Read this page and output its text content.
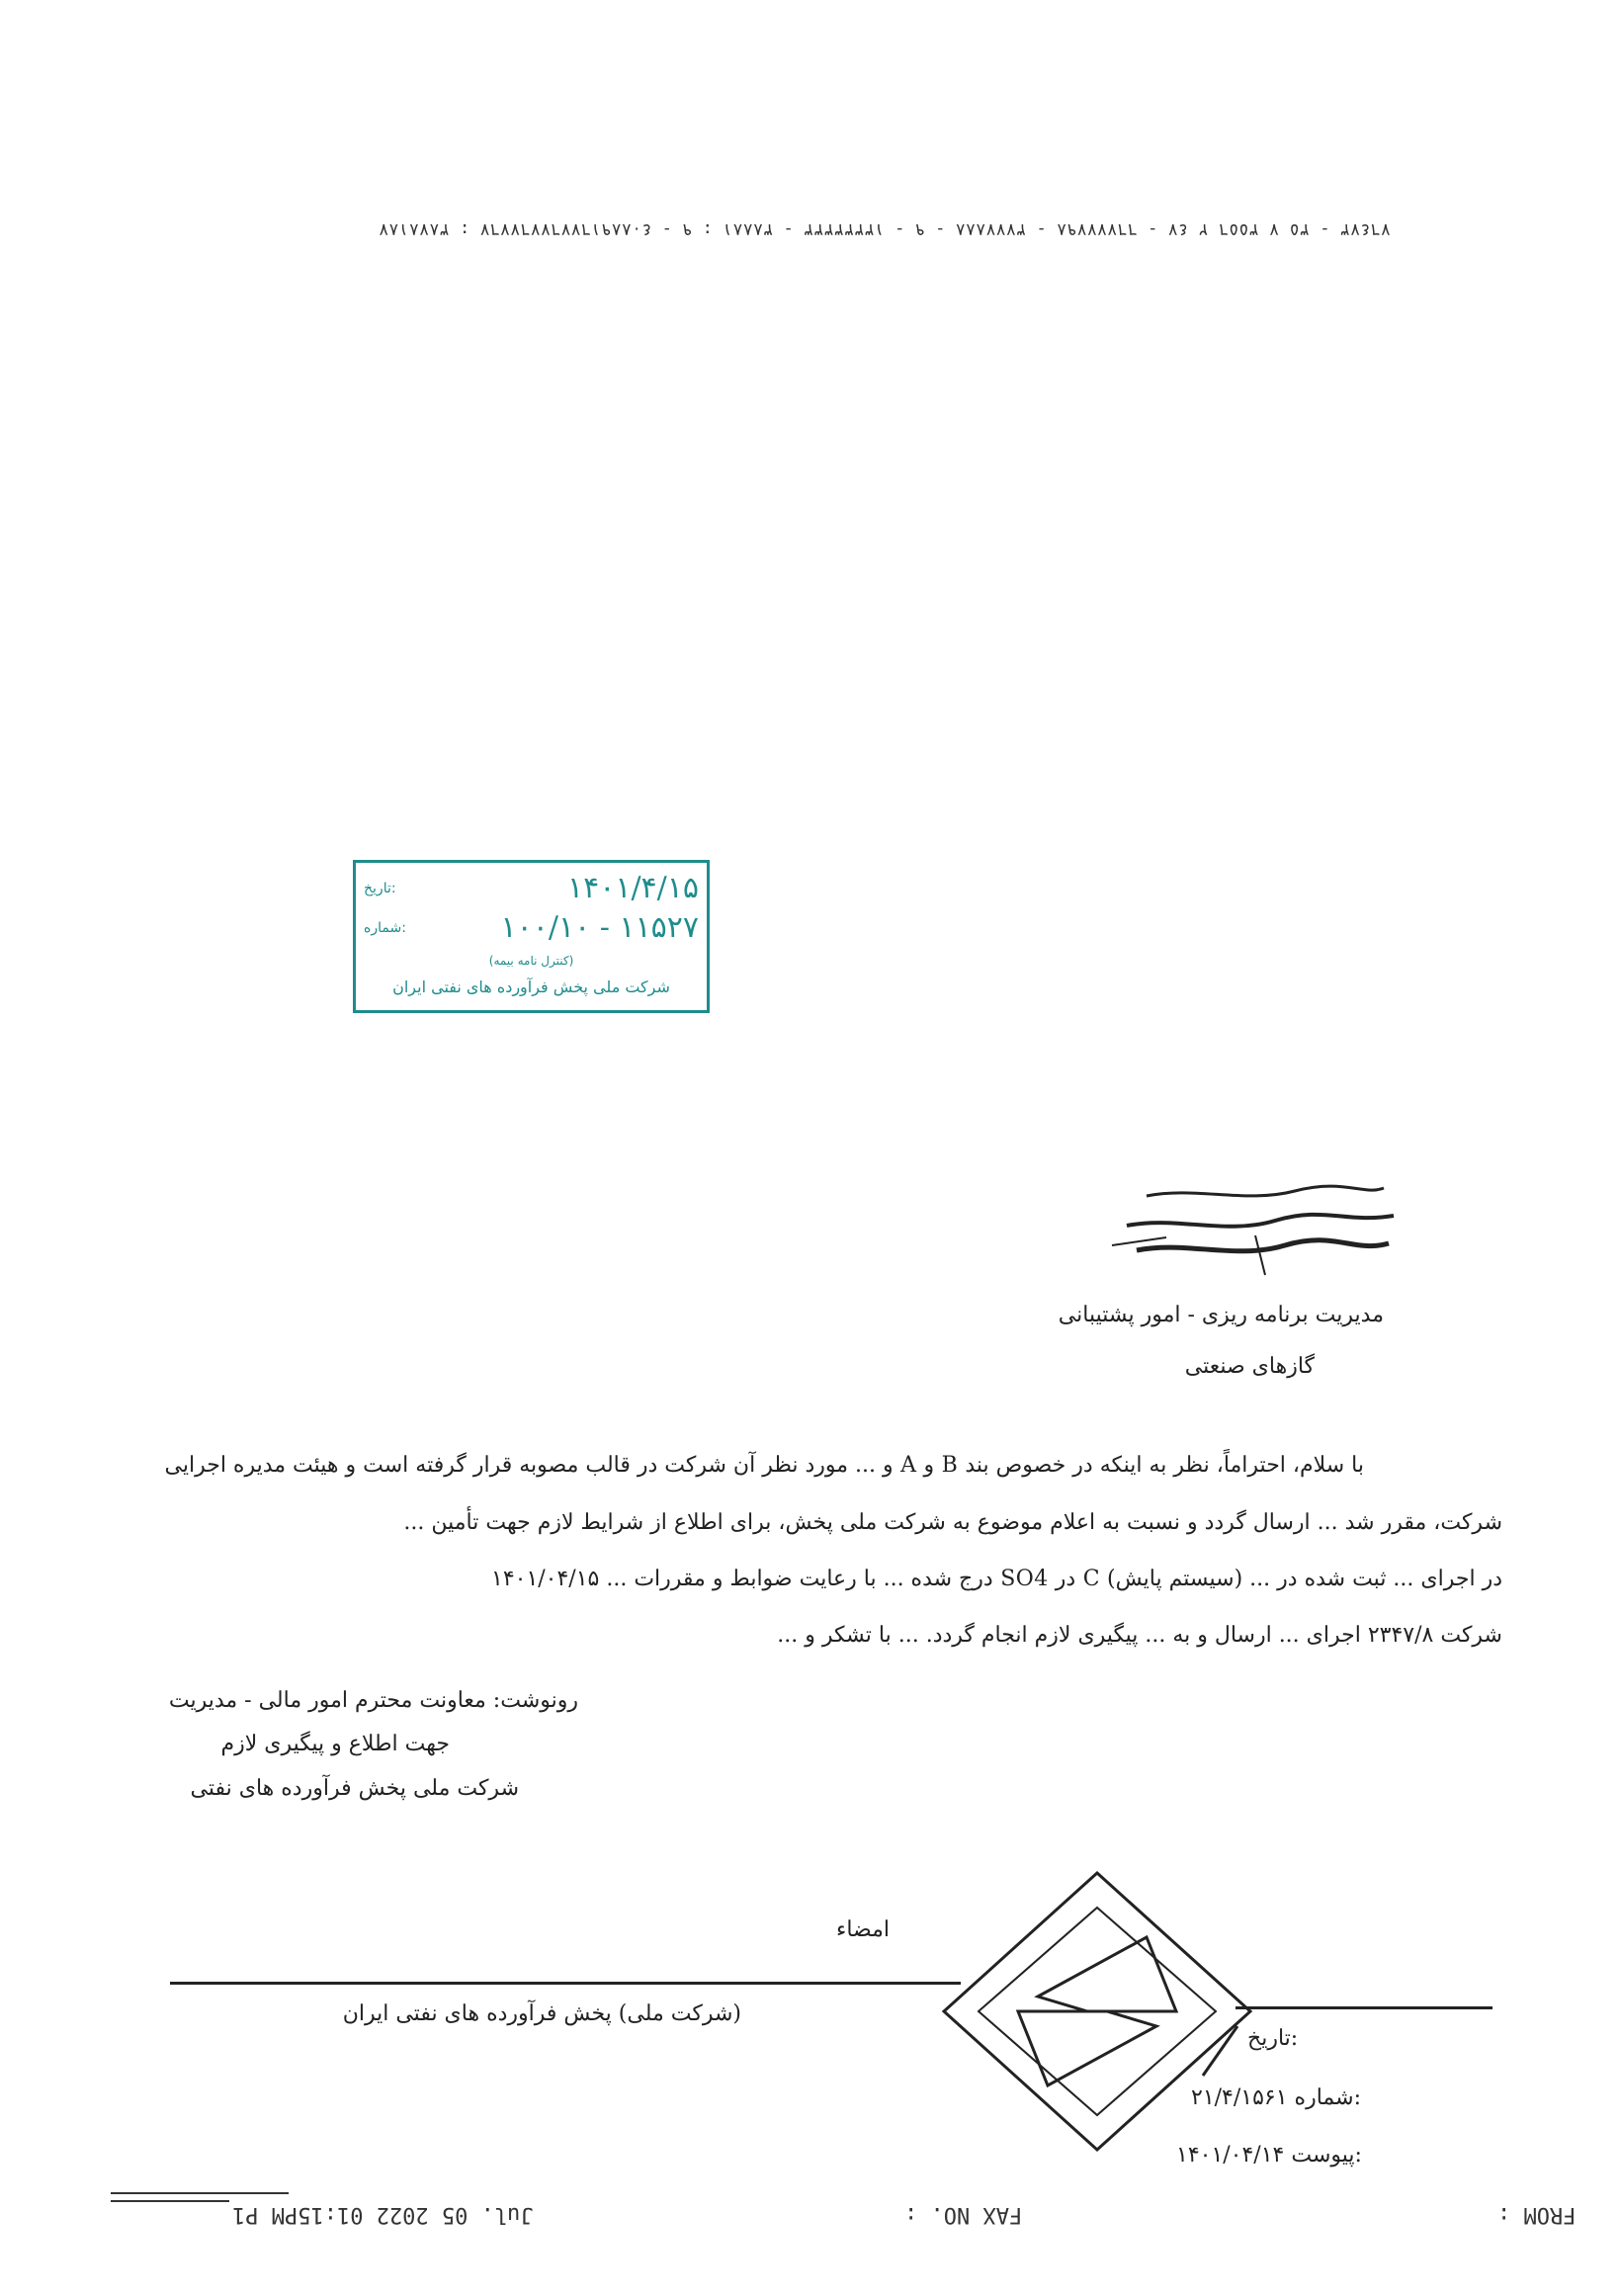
٣٨٧٨١٨٧ : ٤٠٨٨٩١٦٧٧٦٧٧٦٧٧٦٧ - ٩ : ٣٨٨٨١ - ١٣٣٣٣٣٣٣ - ٩ - ٣٧٧٧٨٨٨ - ٦٦٧٧٧٧٩٨ - ٤٧ ٢ ٣٥٥٦ ٧ ٣٥ - ٧٦٤٧٣
تاریخ:	۱۴۰۱/۴/۱۵
شماره:	۱۰۰/۱۰ - ۱۱۵۲۷
(کنترل نامه بیمه)
شرکت ملی پخش فرآورده های نفتی ایران
مدیریت برنامه ریزی - امور پشتیبانی
گازهای صنعتی
با سلام، احتراماً، نظر به اینکه در خصوص بند B و A و ... مورد نظر آن شرکت در قالب مصوبه قرار گرفته است و هیئت مدیره اجرایی
شرکت، مقرر شد ... ارسال گردد و نسبت به اعلام موضوع به شرکت ملی پخش، برای اطلاع از شرایط لازم جهت تأمین ...
در اجرای ... ثبت شده در ... (سیستم پایش) C در SO4 درج شده ... با رعایت ضوابط و مقررات ... ۱۴۰۱/۰۴/۱۵
شرکت ۲۳۴۷/۸ اجرای ... ارسال و به ... پیگیری لازم انجام گردد. ... با تشکر و ...
رونوشت: معاونت محترم امور مالی - مدیریت
جهت اطلاع و پیگیری لازم
شرکت ملی پخش فرآورده های نفتی
امضاء
(شرکت ملی) پخش فرآورده های نفتی ایران
تاریخ:
۲۱/۴/۱۵۶۱ شماره:
۱۴۰۱/۰۴/۱۴ پیوست:
Jul. 05 2022 01:15PM P1	FAX NO. :	FROM :
